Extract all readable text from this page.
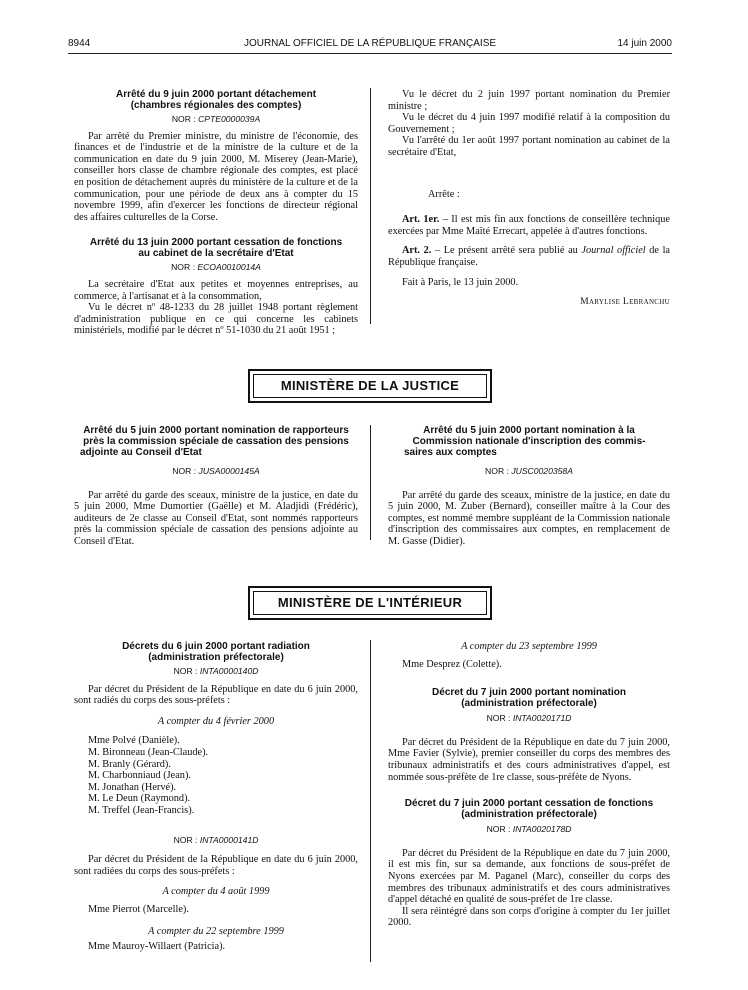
8944	JOURNAL OFFICIEL DE LA RÉPUBLIQUE FRANÇAISE	14 juin 2000
Arrêté du 9 juin 2000 portant détachement
(chambres régionales des comptes)
NOR : CPTE0000039A

Par arrêté du Premier ministre, du ministre de l'économie, des finances et de l'industrie et de la ministre de la culture et de la communication en date du 9 juin 2000, M. Miserey (Jean-Marie), conseiller hors classe de chambre régionale des comptes, est placé en position de détachement auprès du ministère de la culture et de la communication, pour une période de deux ans à compter du 15 novembre 1999, afin d'exercer les fonctions de directeur régional des affaires culturelles de la Corse.

Arrêté du 13 juin 2000 portant cessation de fonctions
au cabinet de la secrétaire d'Etat
NOR : ECOA0010014A

La secrétaire d'Etat aux petites et moyennes entreprises, au commerce, à l'artisanat et à la consommation,

Vu le décret nº 48-1233 du 28 juillet 1948 portant règlement d'administration publique en ce qui concerne les cabinets ministériels, modifié par le décret nº 51-1030 du 21 août 1951 ;

Vu le décret du 2 juin 1997 portant nomination du Premier ministre ;

Vu le décret du 4 juin 1997 modifié relatif à la composition du Gouvernement ;

Vu l'arrêté du 1er août 1997 portant nomination au cabinet de la secrétaire d'Etat,

Arrête :

Art. 1er. – Il est mis fin aux fonctions de conseillère technique exercées par Mme Maïté Errecart, appelée à d'autres fonctions.

Art. 2. – Le présent arrêté sera publié au Journal officiel de la République française.

Fait à Paris, le 13 juin 2000.

Marylise Lebranchu

MINISTÈRE DE LA JUSTICE
Arrêté du 5 juin 2000 portant nomination de rapporteurs
près la commission spéciale de cassation des pensions
adjointe au Conseil d'Etat
NOR : JUSA0000145A

Par arrêté du garde des sceaux, ministre de la justice, en date du 5 juin 2000, Mme Dumortier (Gaëlle) et M. Aladjidi (Frédéric), auditeurs de 2e classe au Conseil d'Etat, sont nommés rapporteurs près la commission spéciale de cassation des pensions adjointe au Conseil d'Etat.

Arrêté du 5 juin 2000 portant nomination à la
Commission nationale d'inscription des commis-
saires aux comptes
NOR : JUSC0020358A

Par arrêté du garde des sceaux, ministre de la justice, en date du 5 juin 2000, M. Zuber (Bernard), conseiller maître à la Cour des comptes, est nommé membre suppléant de la Commission nationale d'inscription des commissaires aux comptes, en remplacement de M. Gasse (Didier).

MINISTÈRE DE L'INTÉRIEUR
Décrets du 6 juin 2000 portant radiation
(administration préfectorale)
NOR : INTA0000140D

Par décret du Président de la République en date du 6 juin 2000, sont radiés du corps des sous-préfets :

A compter du 4 février 2000

Mme Polvé (Danièle).
M. Bironneau (Jean-Claude).
M. Branly (Gérard).
M. Charbonniaud (Jean).
M. Jonathan (Hervé).
M. Le Deun (Raymond).
M. Treffel (Jean-Francis).
NOR : INTA0000141D

Par décret du Président de la République en date du 6 juin 2000, sont radiées du corps des sous-préfets :

A compter du 4 août 1999

Mme Pierrot (Marcelle).

A compter du 22 septembre 1999

Mme Mauroy-Willaert (Patricia).

A compter du 23 septembre 1999

Mme Desprez (Colette).

Décret du 7 juin 2000 portant nomination
(administration préfectorale)
NOR : INTA0020171D

Par décret du Président de la République en date du 7 juin 2000, Mme Favier (Sylvie), premier conseiller du corps des membres des tribunaux administratifs et des cours administratives d'appel, est nommée sous-préfète de 1re classe, sous-préfète de Nyons.

Décret du 7 juin 2000 portant cessation de fonctions
(administration préfectorale)
NOR : INTA0020178D

Par décret du Président de la République en date du 7 juin 2000, il est mis fin, sur sa demande, aux fonctions de sous-préfet de Nyons exercées par M. Paganel (Marc), conseiller du corps des membres des tribunaux administratifs et des cours administratives d'appel détaché en qualité de sous-préfet de 1re classe.

Il sera réintégré dans son corps d'origine à compter du 1er juillet 2000.
